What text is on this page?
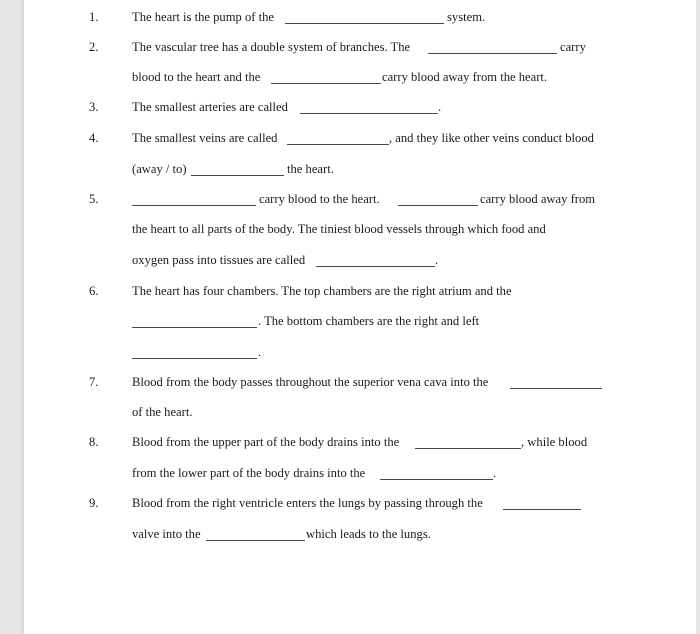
1.	The heart is the pump of the	system.
2.	The vascular tree has a double system of branches. The	carry
blood to the heart and the	carry blood away from the heart.
3.	The smallest arteries are called	.
4.	The smallest veins are called	, and they like other veins conduct blood
(away / to)	the heart.
5.	carry blood to the heart.	carry blood away from
the heart to all parts of the body. The tiniest blood vessels through which food and
oxygen pass into tissues are called	.
6.	The heart has four chambers. The top chambers are the right atrium and the
. The bottom chambers are the right and left
.
7.	Blood from the body passes throughout the superior vena cava into the
of the heart.
8.	Blood from the upper part of the body drains into the	, while blood
from the lower part of the body drains into the	.
9.	Blood from the right ventricle enters the lungs by passing through the
valve into the	which leads to the lungs.
